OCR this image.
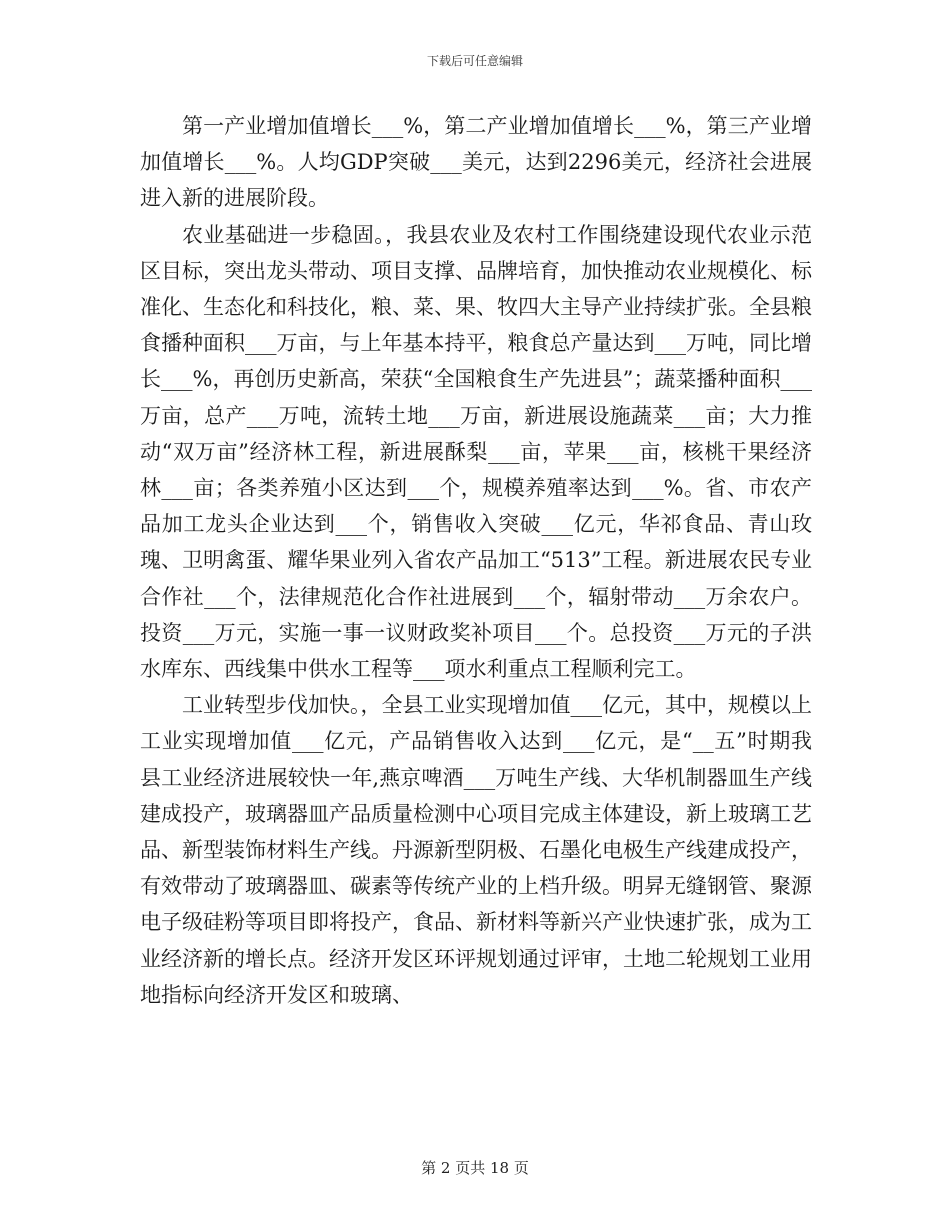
下载后可任意编辑

第一产业增加值增长___%，第二产业增加值增长___%，第三产业增加值增长___%。人均GDP突破___美元，达到2296美元，经济社会进展进入新的进展阶段。

农业基础进一步稳固。，我县农业及农村工作围绕建设现代农业示范区目标，突出龙头带动、项目支撑、品牌培育，加快推动农业规模化、标准化、生态化和科技化，粮、菜、果、牧四大主导产业持续扩张。全县粮食播种面积___万亩，与上年基本持平，粮食总产量达到___万吨，同比增长___%，再创历史新高，荣获“全国粮食生产先进县”；蔬菜播种面积___万亩，总产___万吨，流转土地___万亩，新进展设施蔬菜___亩；大力推动“双万亩”经济林工程，新进展酥梨___亩，苹果___亩，核桃干果经济林___亩；各类养殖小区达到___个，规模养殖率达到___%。省、市农产品加工龙头企业达到___个，销售收入突破___亿元，华祁食品、青山玫瑰、卫明禽蛋、耀华果业列入省农产品加工“513”工程。新进展农民专业合作社___个，法律规范化合作社进展到___个，辐射带动___万余农户。投资___万元，实施一事一议财政奖补项目___个。总投资___万元的子洪水库东、西线集中供水工程等___项水利重点工程顺利完工。

工业转型步伐加快。，全县工业实现增加值___亿元，其中，规模以上工业实现增加值___亿元，产品销售收入达到___亿元，是“__五”时期我县工业经济进展较快一年,燕京啤酒___万吨生产线、大华机制器皿生产线建成投产，玻璃器皿产品质量检测中心项目完成主体建设，新上玻璃工艺品、新型装饰材料生产线。丹源新型阴极、石墨化电极生产线建成投产，有效带动了玻璃器皿、碳素等传统产业的上档升级。明昇无缝钢管、聚源电子级硅粉等项目即将投产，食品、新材料等新兴产业快速扩张，成为工业经济新的增长点。经济开发区环评规划通过评审，土地二轮规划工业用地指标向经济开发区和玻璃、

第 2 页共 18 页
